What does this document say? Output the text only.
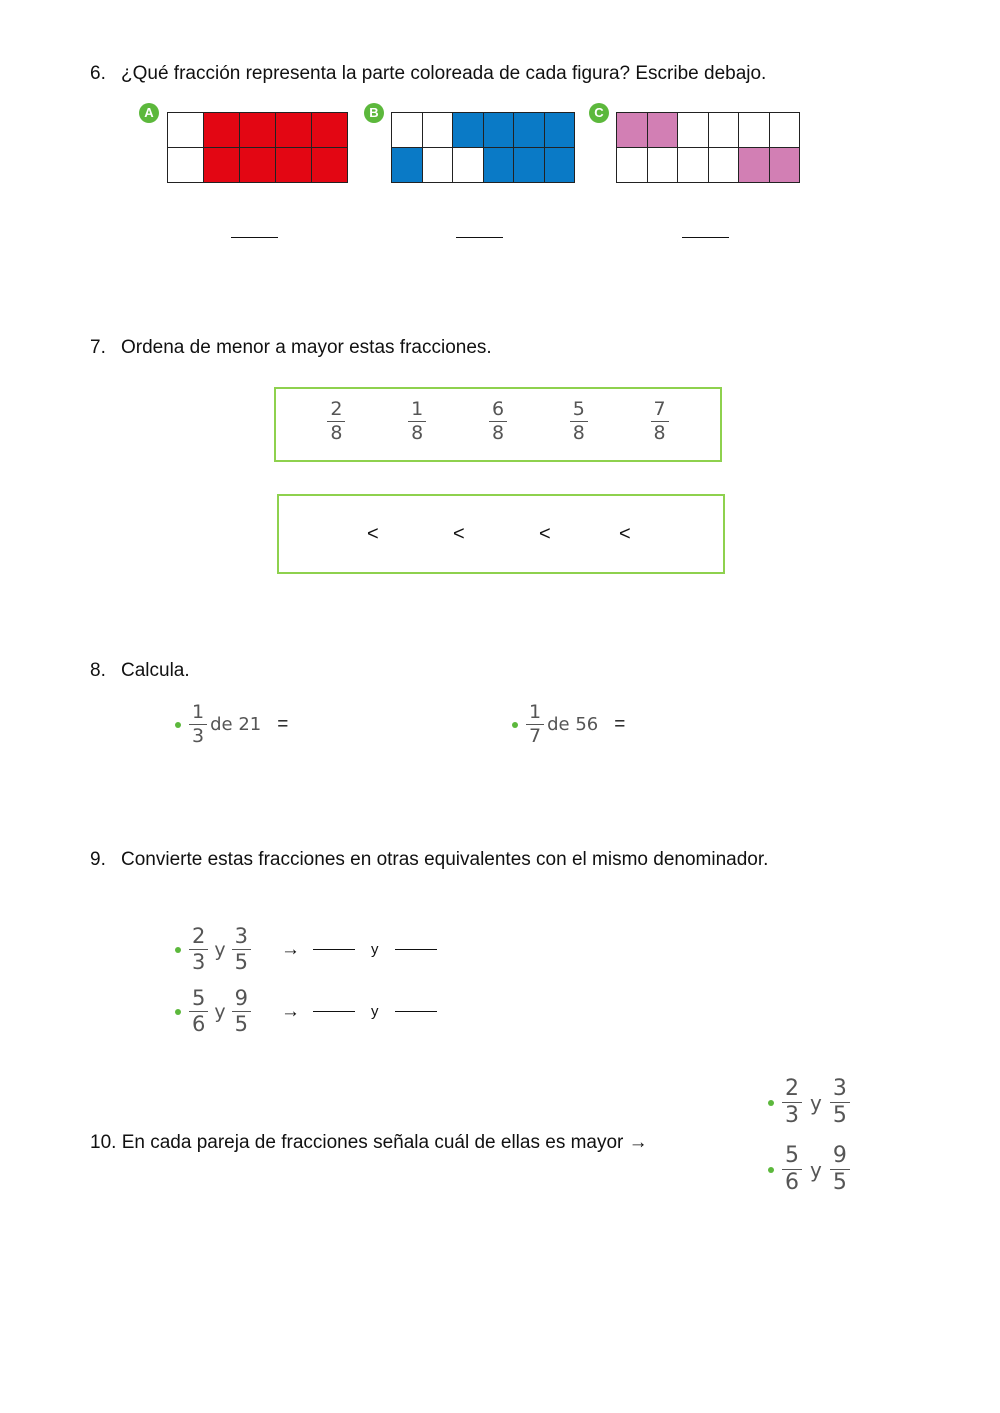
6. ¿Qué fracción representa la parte coloreada de cada figura? Escribe debajo.
A

					B

						C

7. Ordena de menor a mayor estas fracciones.
$\frac{2}{8}$	$\frac{1}{8}$	$\frac{6}{8}$	$\frac{5}{8}$	$\frac{7}{8}$
<	<	<	<
8. Calcula.
$\frac{1}{3}$ de 21 =	$\frac{1}{7}$ de 56 =
9. Convierte estas fracciones en otras equivalentes con el mismo denominador.
$\frac{2}{3}$ y $\frac{3}{5}$ →	y
$\frac{5}{6}$ y $\frac{9}{5}$ →	y
10. En cada pareja de fracciones señala cuál de ellas es mayor →
$\frac{2}{3}$ y $\frac{3}{5}$
$\frac{5}{6}$ y $\frac{9}{5}$
